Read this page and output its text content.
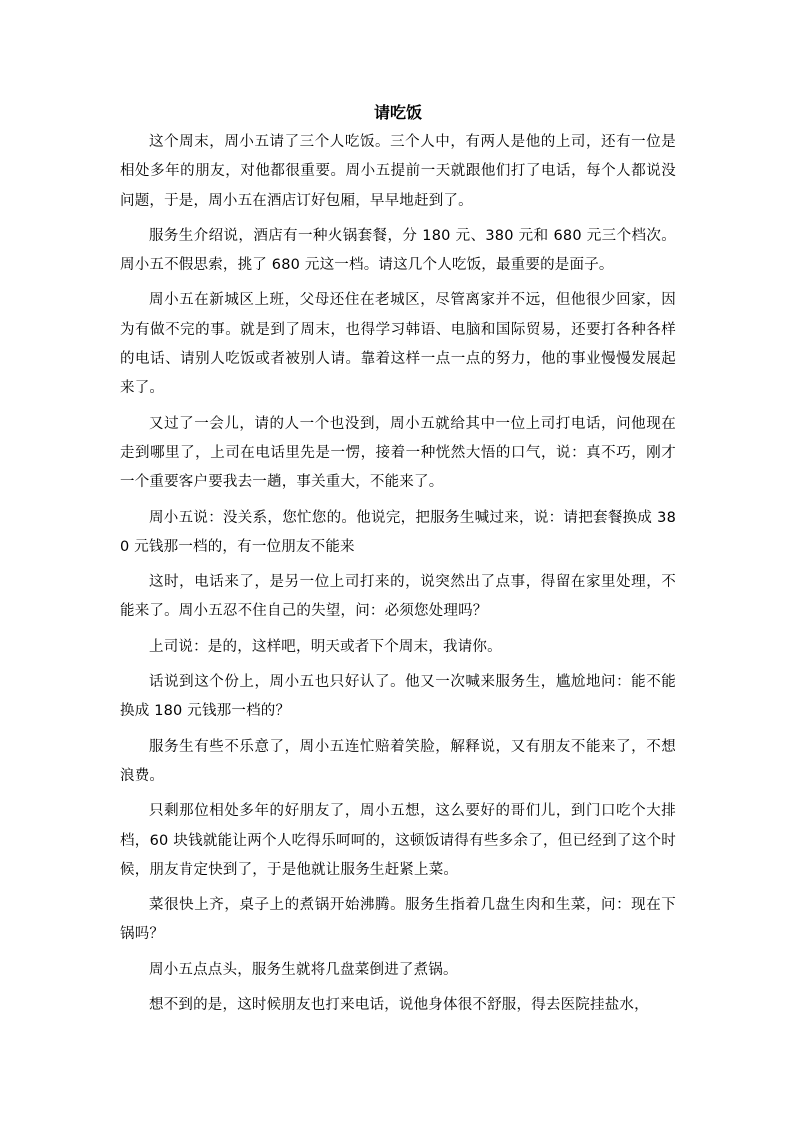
请吃饭

这个周末，周小五请了三个人吃饭。三个人中，有两人是他的上司，还有一位是相处多年的朋友，对他都很重要。周小五提前一天就跟他们打了电话，每个人都说没问题，于是，周小五在酒店订好包厢，早早地赶到了。

服务生介绍说，酒店有一种火锅套餐，分 180 元、380 元和 680 元三个档次。周小五不假思索，挑了 680 元这一档。请这几个人吃饭，最重要的是面子。

周小五在新城区上班，父母还住在老城区，尽管离家并不远，但他很少回家，因为有做不完的事。就是到了周末，也得学习韩语、电脑和国际贸易，还要打各种各样的电话、请别人吃饭或者被别人请。靠着这样一点一点的努力，他的事业慢慢发展起来了。

又过了一会儿，请的人一个也没到，周小五就给其中一位上司打电话，问他现在走到哪里了，上司在电话里先是一愣，接着一种恍然大悟的口气，说：真不巧，刚才一个重要客户要我去一趟，事关重大，不能来了。

周小五说：没关系，您忙您的。他说完，把服务生喊过来，说：请把套餐换成 380 元钱那一档的，有一位朋友不能来

这时，电话来了，是另一位上司打来的，说突然出了点事，得留在家里处理，不能来了。周小五忍不住自己的失望，问：必须您处理吗？

上司说：是的，这样吧，明天或者下个周末，我请你。

话说到这个份上，周小五也只好认了。他又一次喊来服务生，尴尬地问：能不能换成 180 元钱那一档的？

服务生有些不乐意了，周小五连忙赔着笑脸，解释说，又有朋友不能来了，不想浪费。

只剩那位相处多年的好朋友了，周小五想，这么要好的哥们儿，到门口吃个大排档，60 块钱就能让两个人吃得乐呵呵的，这顿饭请得有些多余了，但已经到了这个时候，朋友肯定快到了，于是他就让服务生赶紧上菜。

菜很快上齐，桌子上的煮锅开始沸腾。服务生指着几盘生肉和生菜，问：现在下锅吗？

周小五点点头，服务生就将几盘菜倒进了煮锅。

想不到的是，这时候朋友也打来电话，说他身体很不舒服，得去医院挂盐水，
